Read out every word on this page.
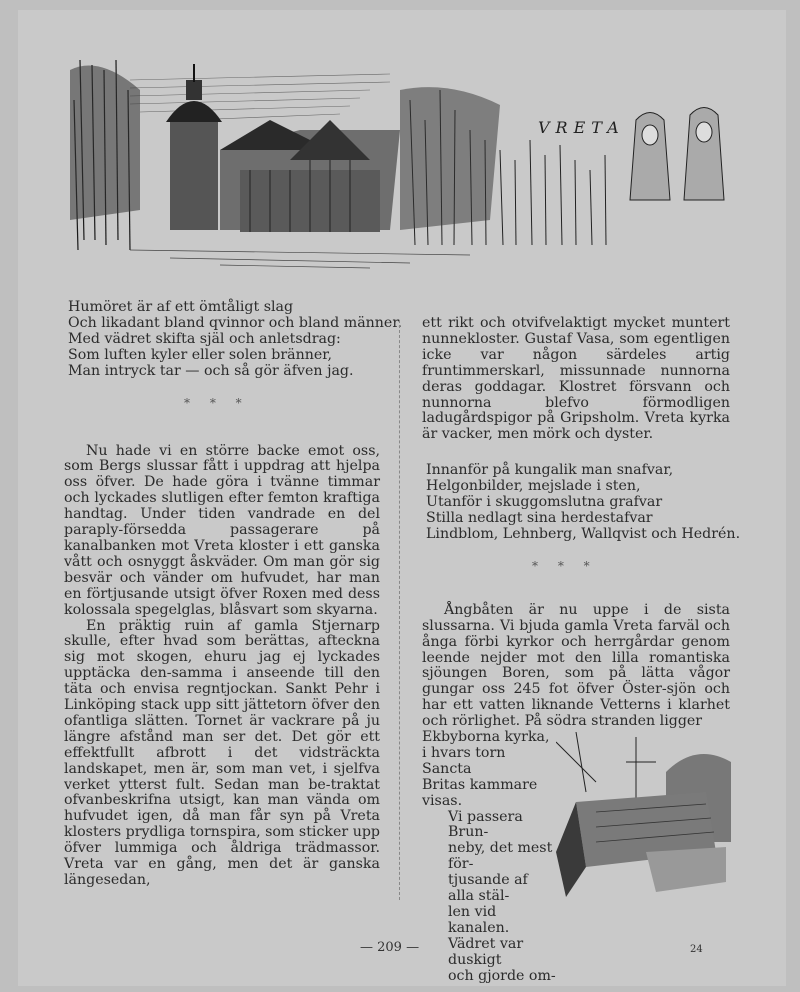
VRETA
Humöret är af ett ömtåligt slag
Och likadant bland qvinnor och bland männer.
Med vädret skifta själ och anletsdrag:
Som luften kyler eller solen bränner,
Man intryck tar — och så gör äfven jag.
* * *

Nu hade vi en större backe emot oss, som Bergs slussar fått i uppdrag att hjelpa oss öfver. De hade göra i tvänne timmar och lyckades slutligen efter femton kraftiga handtag. Under tiden vandrade en del paraply-försedda passagerare på kanalbanken mot Vreta kloster i ett ganska vått och osnyggt åskväder. Om man gör sig besvär och vänder om hufvudet, har man en förtjusande utsigt öfver Roxen med dess kolossala spegelglas, blåsvart som skyarna.

En präktig ruin af gamla Stjernarp skulle, efter hvad som berättas, afteckna sig mot skogen, ehuru jag ej lyckades upptäcka den-samma i anseende till den täta och envisa regntjockan. Sankt Pehr i Linköping stack upp sitt jättetorn öfver den ofantliga slätten. Tornet är vackrare på ju längre afstånd man ser det. Det gör ett effektfullt afbrott i det vidsträckta landskapet, men är, som man vet, i sjelfva verket ytterst fult. Sedan man be-traktat ofvanbeskrifna utsigt, kan man vända om hufvudet igen, då man får syn på Vreta klosters prydliga tornspira, som sticker upp öfver lummiga och åldriga trädmassor. Vreta var en gång, men det är ganska längesedan,

ett rikt och otvifvelaktigt mycket muntert nunnekloster. Gustaf Vasa, som egentligen icke var någon särdeles artig fruntimmerskarl, missunnade nunnorna deras goddagar. Klostret försvann och nunnorna blefvo förmodligen ladugårdspigor på Gripsholm. Vreta kyrka är vacker, men mörk och dyster.

Innanför på kungalik man snafvar,
Helgonbilder, mejslade i sten,
Utanför i skuggomslutna grafvar
Stilla nedlagt sina herdestafvar
Lindblom, Lehnberg, Wallqvist och Hedrén.
* * *

Ångbåten är nu uppe i de sista slussarna. Vi bjuda gamla Vreta farväl och ånga förbi kyrkor och herrgårdar genom leende nejder mot den lilla romantiska sjöungen Boren, som på lätta vågor gungar oss 245 fot öfver Öster-sjön och har ett vatten liknande Vetterns i klarhet och rörlighet. På södra stranden ligger

Ekbyborna kyrka,
i hvars torn Sancta
Britas kammare
visas.
Vi passera Brun-
neby, det mest för-
tjusande af alla stäl-
len vid kanalen.
Vädret var duskigt
och gjorde om-
— 209 —	24
